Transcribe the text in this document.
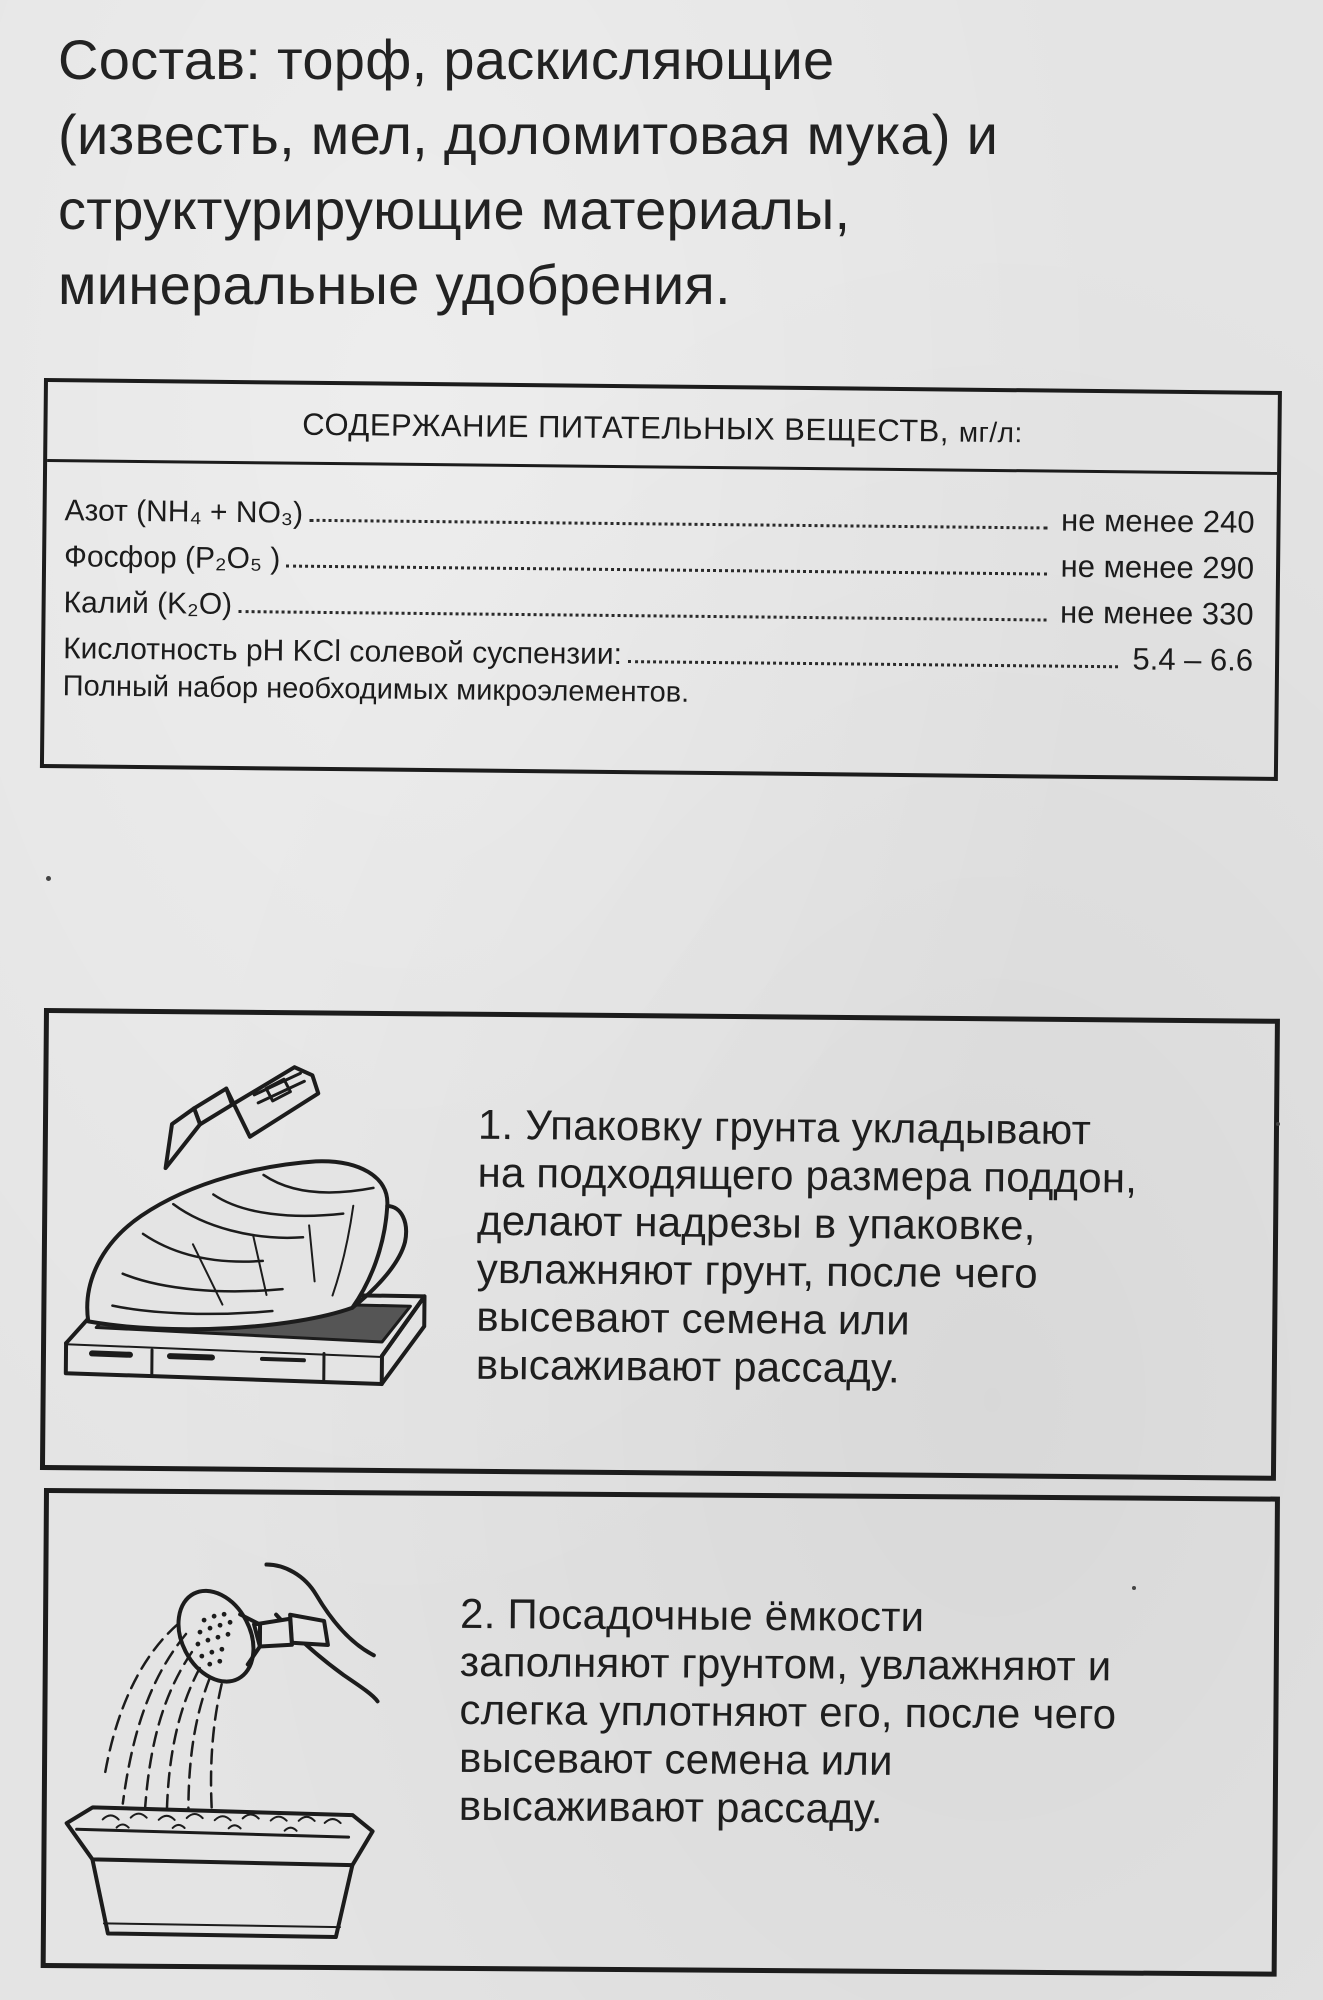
Состав: торф, раскисляющие
(известь, мел, доломитовая мука) и
структурирующие материалы,
минеральные удобрения.
СОДЕРЖАНИЕ ПИТАТЕЛЬНЫХ ВЕЩЕСТВ, мг/л:
Азот (NH₄ + NO₃)	не менее 240
Фосфор (P₂O₅ )	не менее 290
Калий (K₂O)	не менее 330
Кислотность pH KCl солевой суспензии:	5.4 – 6.6
Полный набор необходимых микроэлементов.
1. Упаковку грунта укладывают
на подходящего размера поддон,
делают надрезы в упаковке,
увлажняют грунт, после чего
высевают семена или
высаживают рассаду.
2. Посадочные ёмкости
заполняют грунтом, увлажняют и
слегка уплотняют его, после чего
высевают семена или
высаживают рассаду.
